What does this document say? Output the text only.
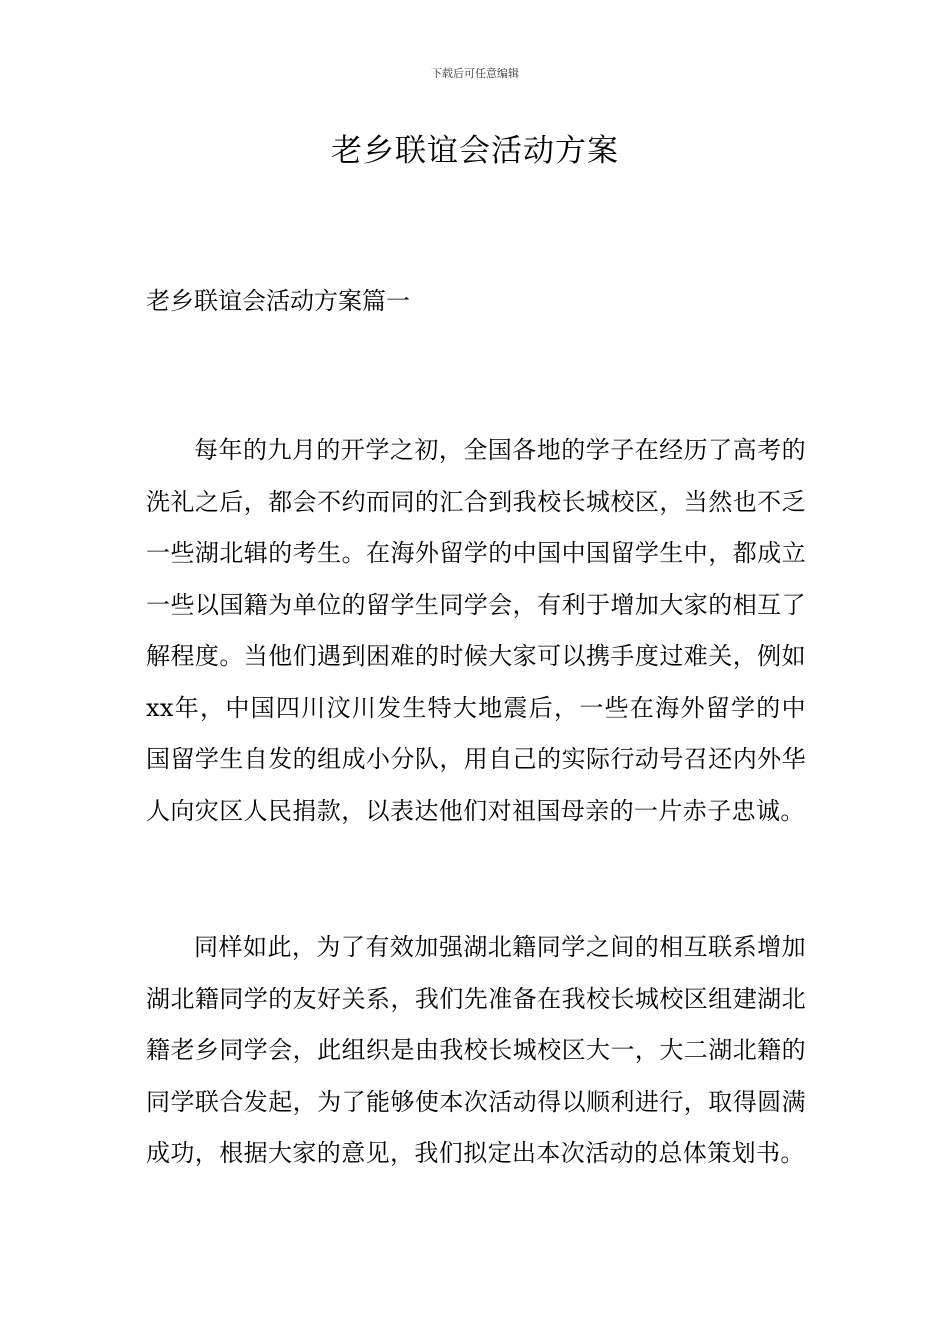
下载后可任意编辑
老乡联谊会活动方案
老乡联谊会活动方案篇一

每年的九月的开学之初，全国各地的学子在经历了高考的洗礼之后，都会不约而同的汇合到我校长城校区，当然也不乏一些湖北辑的考生。在海外留学的中国中国留学生中，都成立一些以国籍为单位的留学生同学会，有利于增加大家的相互了解程度。当他们遇到困难的时候大家可以携手度过难关，例如xx年，中国四川汶川发生特大地震后，一些在海外留学的中国留学生自发的组成小分队，用自己的实际行动号召还内外华人向灾区人民捐款，以表达他们对祖国母亲的一片赤子忠诚。

同样如此，为了有效加强湖北籍同学之间的相互联系增加湖北籍同学的友好关系，我们先准备在我校长城校区组建湖北籍老乡同学会，此组织是由我校长城校区大一，大二湖北籍的同学联合发起，为了能够使本次活动得以顺利进行，取得圆满成功，根据大家的意见，我们拟定出本次活动的总体策划书。
